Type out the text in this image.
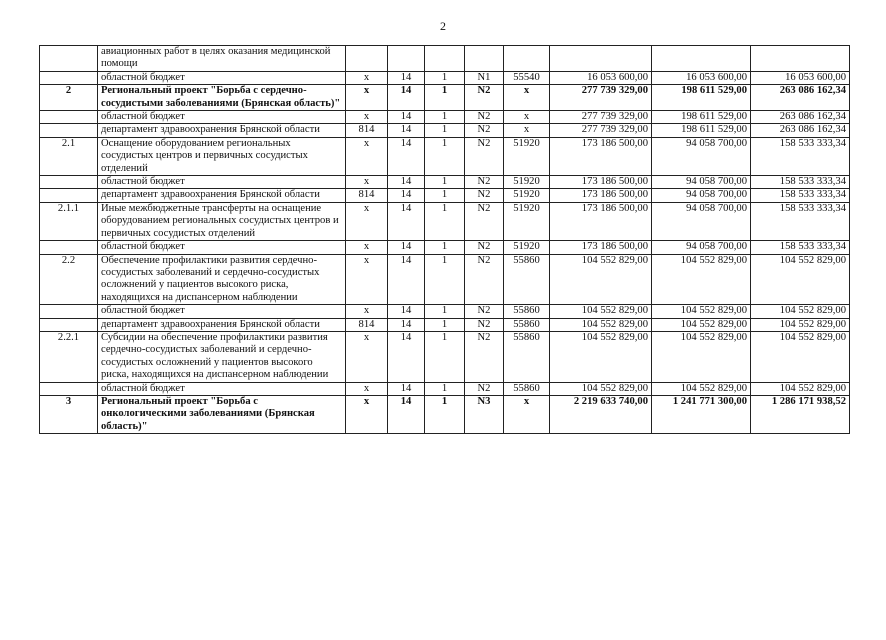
2
	авиационных работ в целях оказания медицинской помощи								
	областной бюджет	х	14	1	N1	55540	16 053 600,00	16 053 600,00	16 053 600,00
2	Региональный проект "Борьба с сердечно-сосудистыми заболеваниями (Брянская область)"	х	14	1	N2	х	277 739 329,00	198 611 529,00	263 086 162,34
	областной бюджет	х	14	1	N2	х	277 739 329,00	198 611 529,00	263 086 162,34
	департамент здравоохранения Брянской области	814	14	1	N2	х	277 739 329,00	198 611 529,00	263 086 162,34
2.1	Оснащение оборудованием региональных сосудистых центров и первичных сосудистых отделений	х	14	1	N2	51920	173 186 500,00	94 058 700,00	158 533 333,34
	областной бюджет	х	14	1	N2	51920	173 186 500,00	94 058 700,00	158 533 333,34
	департамент здравоохранения Брянской области	814	14	1	N2	51920	173 186 500,00	94 058 700,00	158 533 333,34
2.1.1	Иные межбюджетные трансферты на оснащение оборудованием региональных сосудистых центров и первичных сосудистых отделений	х	14	1	N2	51920	173 186 500,00	94 058 700,00	158 533 333,34
	областной бюджет	х	14	1	N2	51920	173 186 500,00	94 058 700,00	158 533 333,34
2.2	Обеспечение профилактики развития сердечно-сосудистых заболеваний и сердечно-сосудистых осложнений у пациентов высокого риска, находящихся на диспансерном наблюдении	х	14	1	N2	55860	104 552 829,00	104 552 829,00	104 552 829,00
	областной бюджет	х	14	1	N2	55860	104 552 829,00	104 552 829,00	104 552 829,00
	департамент здравоохранения Брянской области	814	14	1	N2	55860	104 552 829,00	104 552 829,00	104 552 829,00
2.2.1	Субсидии на обеспечение профилактики развития сердечно-сосудистых заболеваний и сердечно-сосудистых осложнений у пациентов высокого риска, находящихся на диспансерном наблюдении	х	14	1	N2	55860	104 552 829,00	104 552 829,00	104 552 829,00
	областной бюджет	х	14	1	N2	55860	104 552 829,00	104 552 829,00	104 552 829,00
3	Региональный проект "Борьба с онкологическими заболеваниями (Брянская область)"	х	14	1	N3	х	2 219 633 740,00	1 241 771 300,00	1 286 171 938,52
